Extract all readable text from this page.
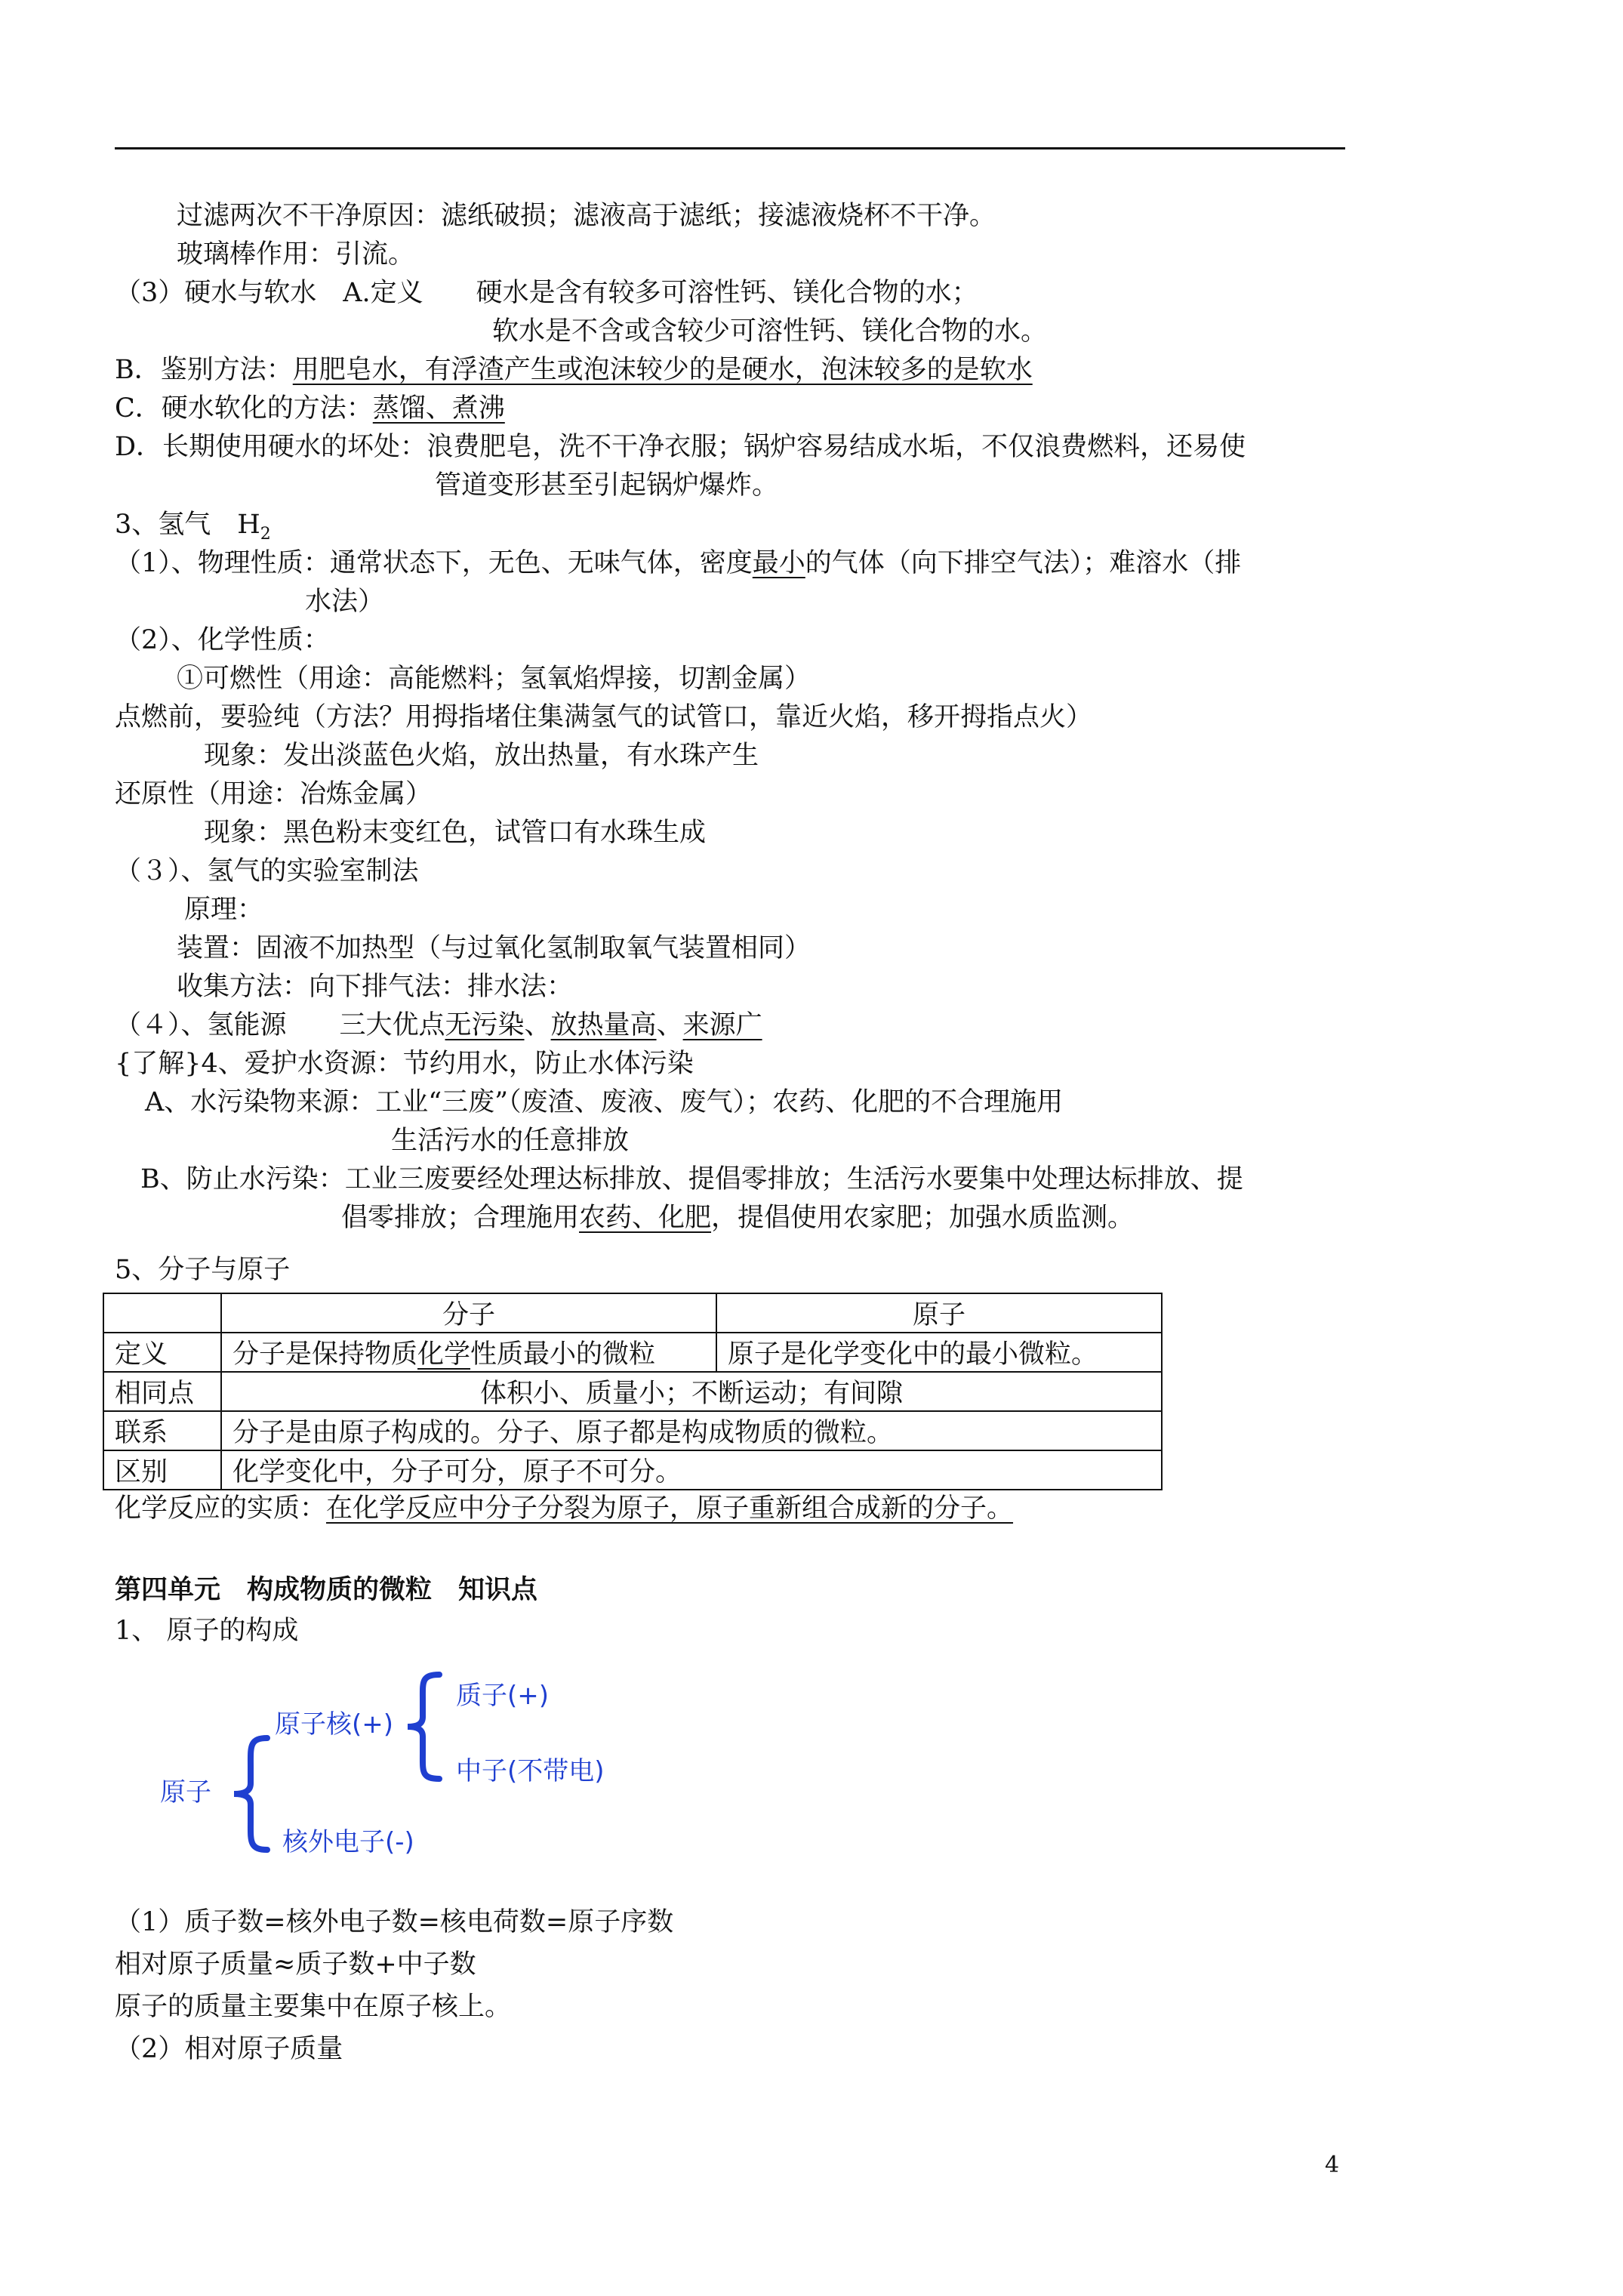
过滤两次不干净原因：滤纸破损；滤液高于滤纸；接滤液烧杯不干净。
玻璃棒作用：引流。
（3）硬水与软水　A.定义　　硬水是含有较多可溶性钙、镁化合物的水；
软水是不含或含较少可溶性钙、镁化合物的水。
B．鉴别方法：用肥皂水，有浮渣产生或泡沫较少的是硬水，泡沫较多的是软水
C．硬水软化的方法：蒸馏、煮沸
D．长期使用硬水的坏处：浪费肥皂，洗不干净衣服；锅炉容易结成水垢，不仅浪费燃料，还易使
管道变形甚至引起锅炉爆炸。
3、氢气　$H_2$
（1）、物理性质：通常状态下，无色、无味气体，密度最小的气体（向下排空气法）；难溶水（排
水法）
（2）、化学性质：
①可燃性（用途：高能燃料；氢氧焰焊接，切割金属）
点燃前，要验纯（方法？用拇指堵住集满氢气的试管口，靠近火焰，移开拇指点火）
现象：发出淡蓝色火焰，放出热量，有水珠产生
还原性（用途：冶炼金属）
现象：黑色粉末变红色，试管口有水珠生成
（３）、氢气的实验室制法
原理：
装置：固液不加热型（与过氧化氢制取氧气装置相同）
收集方法：向下排气法：排水法：
（４）、氢能源　　三大优点无污染、放热量高、来源广
{了解}4、爱护水资源：节约用水，防止水体污染
A、水污染物来源：工业“三废”（废渣、废液、废气）；农药、化肥的不合理施用
生活污水的任意排放
B、防止水污染：工业三废要经处理达标排放、提倡零排放；生活污水要集中处理达标排放、提
倡零排放；合理施用农药、化肥，提倡使用农家肥；加强水质监测。
5、分子与原子
	分子	原子
定义	分子是保持物质化学性质最小的微粒	原子是化学变化中的最小微粒。
相同点	体积小、质量小；不断运动；有间隙	
联系	分子是由原子构成的。分子、原子都是构成物质的微粒。	
区别	化学变化中，分子可分，原子不可分。	
化学反应的实质：在化学反应中分子分裂为原子，原子重新组合成新的分子。
第四单元　构成物质的微粒　知识点
1、 原子的构成
原子核(+)
质子(+)
中子(不带电)
原子
核外电子(-)
（1）质子数=核外电子数=核电荷数=原子序数
相对原子质量≈质子数+中子数
原子的质量主要集中在原子核上。
（2）相对原子质量
4
